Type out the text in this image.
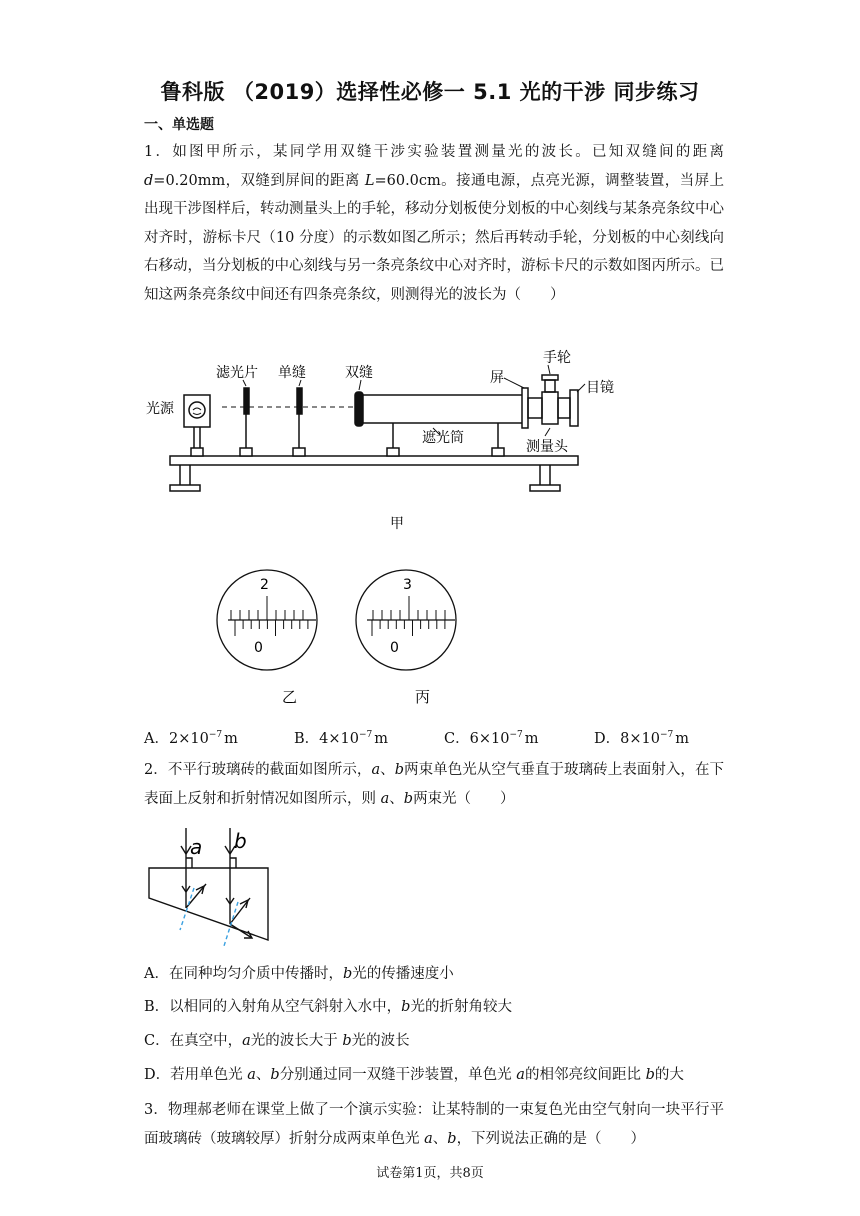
鲁科版 （2019）选择性必修一 5.1 光的干涉 同步练习
一、单选题
1．如图甲所示，某同学用双缝干涉实验装置测量光的波长。已知双缝间的距离 d=0.20mm，双缝到屏间的距离 L=60.0cm。接通电源，点亮光源，调整装置，当屏上出现干涉图样后，转动测量头上的手轮，移动分划板使分划板的中心刻线与某条亮条纹中心对齐时，游标卡尺（10 分度）的示数如图乙所示；然后再转动手轮，分划板的中心刻线向右移动，当分划板的中心刻线与另一条亮条纹中心对齐时，游标卡尺的示数如图丙所示。已知这两条亮条纹中间还有四条亮条纹，则测得光的波长为（　　）
光源
滤光片 单缝	双缝	屏
手轮
目镜
遮光筒
测量头
甲
2
0
3
0
乙	丙
A．$2\times 10^{-7}$ m	B．$4\times 10^{-7}$ m	C．$6\times 10^{-7}$ m	D．$8\times 10^{-7}$ m
2．不平行玻璃砖的截面如图所示，a、b两束单色光从空气垂直于玻璃砖上表面射入，在下表面上反射和折射情况如图所示，则 a、b两束光（　　）
a b
A．在同种均匀介质中传播时，b光的传播速度小
B．以相同的入射角从空气斜射入水中，b光的折射角较大
C．在真空中，a光的波长大于 b光的波长
D．若用单色光 a、b分别通过同一双缝干涉装置，单色光 a的相邻亮纹间距比 b的大
3．物理郝老师在课堂上做了一个演示实验：让某特制的一束复色光由空气射向一块平行平面玻璃砖（玻璃较厚）折射分成两束单色光 a、b，下列说法正确的是（　　）
试卷第1页，共8页
